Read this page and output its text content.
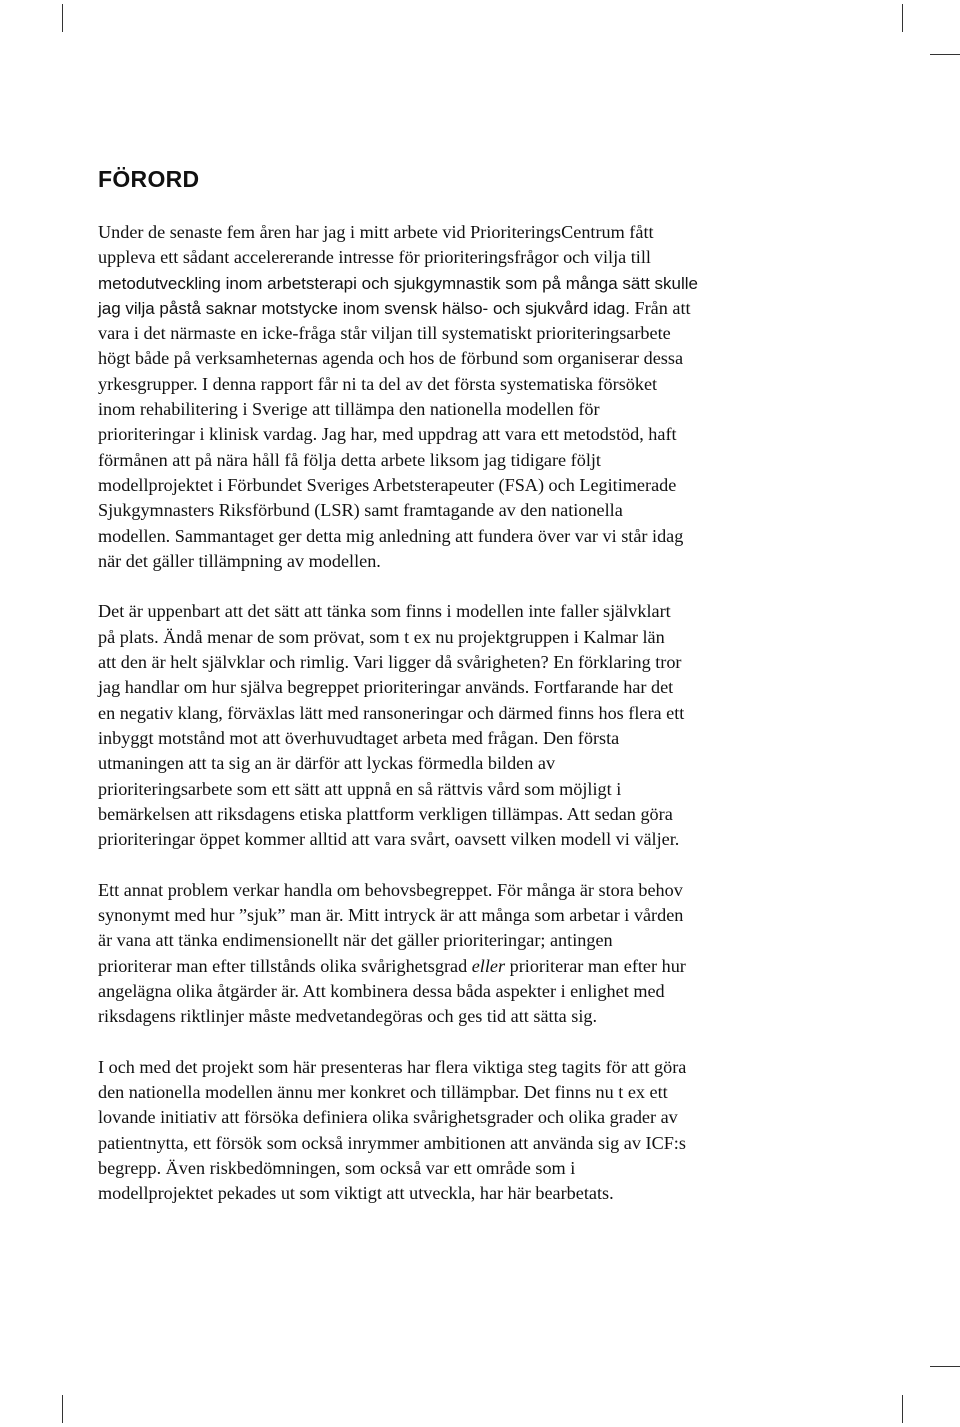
FÖRORD
Under de senaste fem åren har jag i mitt arbete vid PrioriteringsCentrum fått
uppleva ett sådant accelererande intresse för prioriteringsfrågor och vilja till
metodutveckling inom arbetsterapi och sjukgymnastik som på många sätt skulle
jag vilja påstå saknar motstycke inom svensk hälso- och sjukvård idag. Från att
vara i det närmaste en icke-fråga står viljan till systematiskt prioriteringsarbete
högt både på verksamheternas agenda och hos de förbund som organiserar dessa
yrkesgrupper. I denna rapport får ni ta del av det första systematiska försöket
inom rehabilitering i Sverige att tillämpa den nationella modellen för
prioriteringar i klinisk vardag. Jag har, med uppdrag att vara ett metodstöd, haft
förmånen att på nära håll få följa detta arbete liksom jag tidigare följt
modellprojektet i Förbundet Sveriges Arbetsterapeuter (FSA) och Legitimerade
Sjukgymnasters Riksförbund (LSR) samt framtagande av den nationella
modellen. Sammantaget ger detta mig anledning att fundera över var vi står idag
när det gäller tillämpning av modellen.
Det är uppenbart att det sätt att tänka som finns i modellen inte faller självklart
på plats. Ändå menar de som prövat, som t ex nu projektgruppen i Kalmar län
att den är helt självklar och rimlig. Vari ligger då svårigheten? En förklaring tror
jag handlar om hur själva begreppet prioriteringar används. Fortfarande har det
en negativ klang, förväxlas lätt med ransoneringar och därmed finns hos flera ett
inbyggt motstånd mot att överhuvudtaget arbeta med frågan. Den första
utmaningen att ta sig an är därför att lyckas förmedla bilden av
prioriteringsarbete som ett sätt att uppnå en så rättvis vård som möjligt i
bemärkelsen att riksdagens etiska plattform verkligen tillämpas. Att sedan göra
prioriteringar öppet kommer alltid att vara svårt, oavsett vilken modell vi väljer.
Ett annat problem verkar handla om behovsbegreppet. För många är stora behov
synonymt med hur ”sjuk” man är. Mitt intryck är att många som arbetar i vården
är vana att tänka endimensionellt när det gäller prioriteringar; antingen
prioriterar man efter tillstånds olika svårighetsgrad eller prioriterar man efter hur
angelägna olika åtgärder är. Att kombinera dessa båda aspekter i enlighet med
riksdagens riktlinjer måste medvetandegöras och ges tid att sätta sig.
I och med det projekt som här presenteras har flera viktiga steg tagits för att göra
den nationella modellen ännu mer konkret och tillämpbar. Det finns nu t ex ett
lovande initiativ att försöka definiera olika svårighetsgrader och olika grader av
patientnytta, ett försök som också inrymmer ambitionen att använda sig av ICF:s
begrepp. Även riskbedömningen, som också var ett område som i
modellprojektet pekades ut som viktigt att utveckla, har här bearbetats.
